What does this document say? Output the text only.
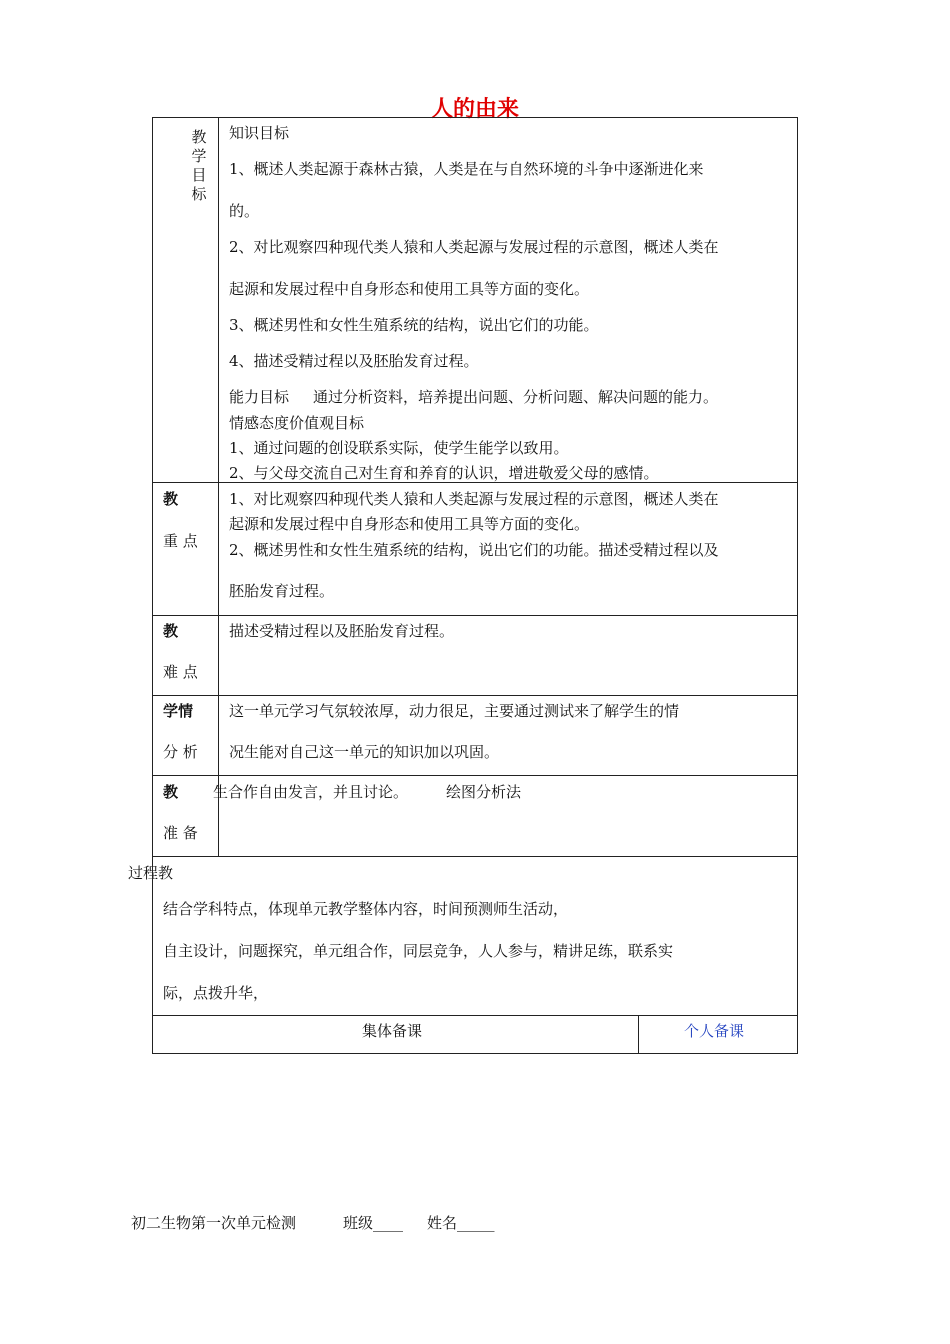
人的由来
教学目标
知识目标
1、概述人类起源于森林古猿，人类是在与自然环境的斗争中逐渐进化来
的。
2、对比观察四种现代类人猿和人类起源与发展过程的示意图，概述人类在
起源和发展过程中自身形态和使用工具等方面的变化。
3、概述男性和女性生殖系统的结构，说出它们的功能。
4、描述受精过程以及胚胎发育过程。
能力目标 通过分析资料，培养提出问题、分析问题、解决问题的能力。
情感态度价值观目标
1、通过问题的创设联系实际，使学生能学以致用。
2、与父母交流自己对生育和养育的认识，增进敬爱父母的感情。
教
重 点
1、对比观察四种现代类人猿和人类起源与发展过程的示意图，概述人类在
起源和发展过程中自身形态和使用工具等方面的变化。
2、概述男性和女性生殖系统的结构，说出它们的功能。描述受精过程以及
胚胎发育过程。
教
难 点
描述受精过程以及胚胎发育过程。
学情
分 析
这一单元学习气氛较浓厚，动力很足，主要通过测试来了解学生的情
况生能对自己这一单元的知识加以巩固。
教
准 备
生合作自由发言，并且讨论。	绘图分析法
过程教
结合学科特点，体现单元教学整体内容，时间预测师生活动，
自主设计，问题探究，单元组合作，同层竞争，人人参与，精讲足练，联系实
际，点拨升华，
集体备课	个人备课
初二生物第一次单元检测	班级____ 姓名_____
